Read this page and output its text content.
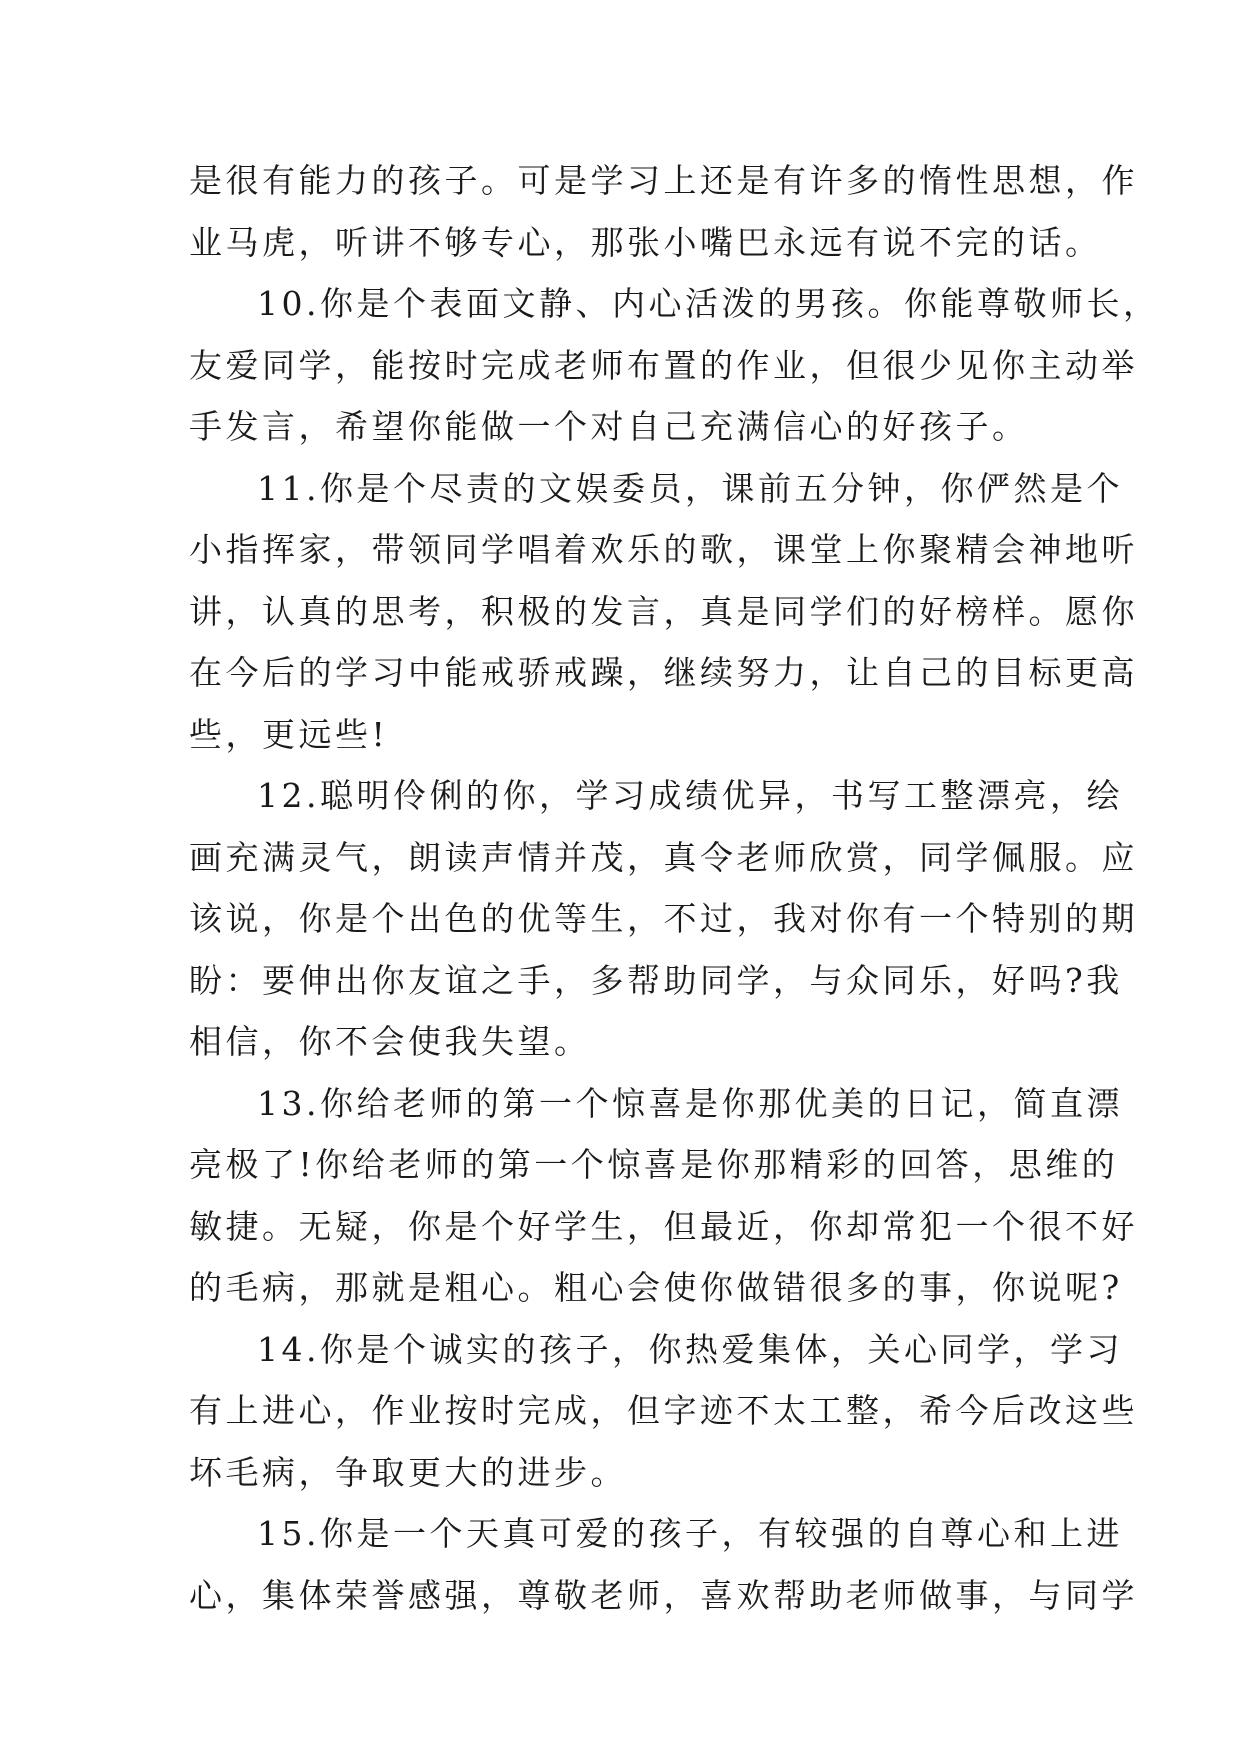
是很有能力的孩子。可是学习上还是有许多的惰性思想，作
业马虎，听讲不够专心，那张小嘴巴永远有说不完的话。
10.你是个表面文静、内心活泼的男孩。你能尊敬师长，
友爱同学，能按时完成老师布置的作业，但很少见你主动举
手发言，希望你能做一个对自己充满信心的好孩子。
11.你是个尽责的文娱委员，课前五分钟，你俨然是个
小指挥家，带领同学唱着欢乐的歌，课堂上你聚精会神地听
讲，认真的思考，积极的发言，真是同学们的好榜样。愿你
在今后的学习中能戒骄戒躁，继续努力，让自己的目标更高
些，更远些!
12.聪明伶俐的你，学习成绩优异，书写工整漂亮，绘
画充满灵气，朗读声情并茂，真令老师欣赏，同学佩服。应
该说，你是个出色的优等生，不过，我对你有一个特别的期
盼：要伸出你友谊之手，多帮助同学，与众同乐，好吗?我
相信，你不会使我失望。
13.你给老师的第一个惊喜是你那优美的日记，简直漂
亮极了!你给老师的第一个惊喜是你那精彩的回答，思维的
敏捷。无疑，你是个好学生，但最近，你却常犯一个很不好
的毛病，那就是粗心。粗心会使你做错很多的事，你说呢?
14.你是个诚实的孩子，你热爱集体，关心同学，学习
有上进心，作业按时完成，但字迹不太工整，希今后改这些
坏毛病，争取更大的进步。
15.你是一个天真可爱的孩子，有较强的自尊心和上进
心，集体荣誉感强，尊敬老师，喜欢帮助老师做事，与同学
